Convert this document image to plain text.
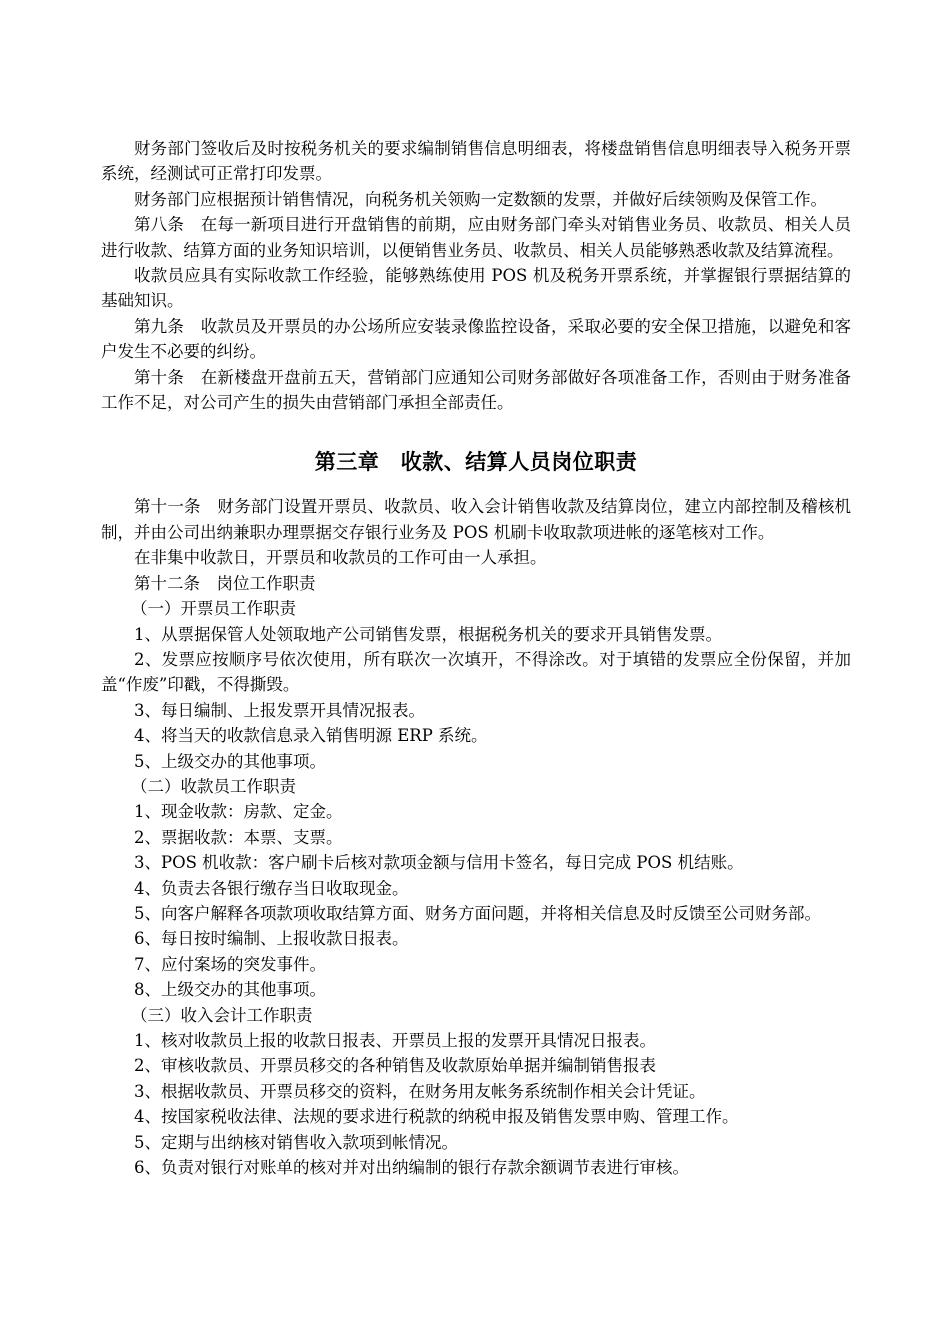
财务部门签收后及时按税务机关的要求编制销售信息明细表，将楼盘销售信息明细表导入税务开票系统，经测试可正常打印发票。

财务部门应根据预计销售情况，向税务机关领购一定数额的发票，并做好后续领购及保管工作。

第八条　在每一新项目进行开盘销售的前期，应由财务部门牵头对销售业务员、收款员、相关人员进行收款、结算方面的业务知识培训，以便销售业务员、收款员、相关人员能够熟悉收款及结算流程。

收款员应具有实际收款工作经验，能够熟练使用 POS 机及税务开票系统，并掌握银行票据结算的基础知识。

第九条　收款员及开票员的办公场所应安装录像监控设备，采取必要的安全保卫措施，以避免和客户发生不必要的纠纷。

第十条　在新楼盘开盘前五天，营销部门应通知公司财务部做好各项准备工作，否则由于财务准备工作不足，对公司产生的损失由营销部门承担全部责任。

第三章　收款、结算人员岗位职责

第十一条　财务部门设置开票员、收款员、收入会计销售收款及结算岗位，建立内部控制及稽核机制，并由公司出纳兼职办理票据交存银行业务及 POS 机刷卡收取款项进帐的逐笔核对工作。

在非集中收款日，开票员和收款员的工作可由一人承担。

第十二条　岗位工作职责

（一）开票员工作职责

1、从票据保管人处领取地产公司销售发票，根据税务机关的要求开具销售发票。

2、发票应按顺序号依次使用，所有联次一次填开，不得涂改。对于填错的发票应全份保留，并加盖“作废”印戳，不得撕毁。

3、每日编制、上报发票开具情况报表。

4、将当天的收款信息录入销售明源 ERP 系统。

5、上级交办的其他事项。

（二）收款员工作职责

1、现金收款：房款、定金。

2、票据收款：本票、支票。

3、POS 机收款：客户刷卡后核对款项金额与信用卡签名，每日完成 POS 机结账。

4、负责去各银行缴存当日收取现金。

5、向客户解释各项款项收取结算方面、财务方面问题，并将相关信息及时反馈至公司财务部。

6、每日按时编制、上报收款日报表。

7、应付案场的突发事件。

8、上级交办的其他事项。

（三）收入会计工作职责

1、核对收款员上报的收款日报表、开票员上报的发票开具情况日报表。

2、审核收款员、开票员移交的各种销售及收款原始单据并编制销售报表

3、根据收款员、开票员移交的资料，在财务用友帐务系统制作相关会计凭证。

4、按国家税收法律、法规的要求进行税款的纳税申报及销售发票申购、管理工作。

5、定期与出纳核对销售收入款项到帐情况。

6、负责对银行对账单的核对并对出纳编制的银行存款余额调节表进行审核。
